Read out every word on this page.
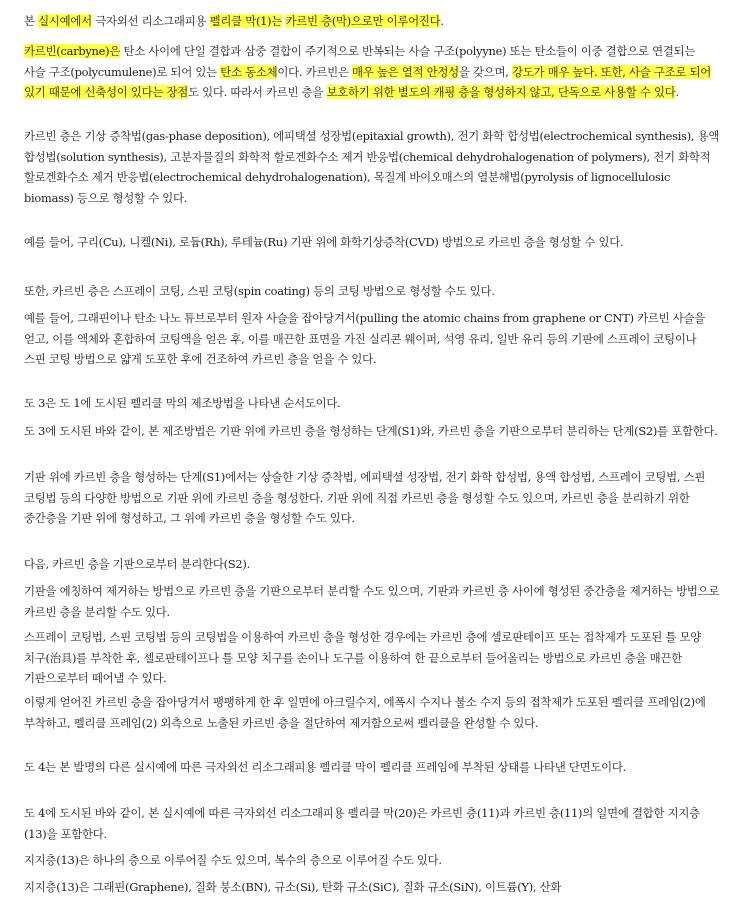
본 실시예에서 극자외선 리소그래피용 펠리클 막(1)는 카르빈 층(막)으로만 이루어진다.

카르빈(carbyne)은 탄소 사이에 단일 결합과 삼중 결합이 주기적으로 반복되는 사슬 구조(polyyne) 또는 탄소들이 이중 결합으로 연결되는 사슬 구조(polycumulene)로 되어 있는 탄소 동소체이다. 카르빈은 매우 높은 열적 안정성을 갖으며, 강도가 매우 높다. 또한, 사슬 구조로 되어 있기 때문에 신축성이 있다는 장점도 있다. 따라서 카르빈 층을 보호하기 위한 별도의 캐핑 층을 형성하지 않고, 단독으로 사용할 수 있다.

카르빈 층은 기상 증착법(gas-phase deposition), 에피택셜 성장법(epitaxial growth), 전기 화학 합성법(electrochemical synthesis), 용액 합성법(solution synthesis), 고분자물질의 화학적 할로겐화수소 제거 반응법(chemical dehydrohalogenation of polymers), 전기 화학적 할로겐화수소 제거 반응법(electrochemical dehydrohalogenation), 목질계 바이오매스의 열분해법(pyrolysis of lignocellulosic biomass) 등으로 형성할 수 있다.

예를 들어, 구리(Cu), 니켈(Ni), 로듐(Rh), 루테늄(Ru) 기판 위에 화학기상증착(CVD) 방법으로 카르빈 층을 형성할 수 있다.

또한, 카르빈 층은 스프레이 코팅, 스핀 코팅(spin coating) 등의 코팅 방법으로 형성할 수도 있다.

예를 들어, 그래핀이나 탄소 나노 튜브로부터 원자 사슬을 잡아당겨서(pulling the atomic chains from graphene or CNT) 카르빈 사슬을 얻고, 이를 액체와 혼합하여 코팅액을 얻은 후, 이를 매끈한 표면을 가진 실리콘 웨이퍼, 석영 유리, 일반 유리 등의 기판에 스프레이 코팅이나 스핀 코팅 방법으로 얇게 도포한 후에 건조하여 카르빈 층을 얻을 수 있다.

도 3은 도 1에 도시된 펠리클 막의 제조방법을 나타낸 순서도이다.

도 3에 도시된 바와 같이, 본 제조방법은 기판 위에 카르빈 층을 형성하는 단계(S1)와, 카르빈 층을 기판으로부터 분리하는 단계(S2)를 포함한다.

기판 위에 카르빈 층을 형성하는 단계(S1)에서는 상술한 기상 증착법, 에피택셜 성장법, 전기 화학 합성법, 용액 합성법, 스프레이 코팅법, 스핀 코팅법 등의 다양한 방법으로 기판 위에 카르빈 층을 형성한다. 기판 위에 직접 카르빈 층을 형성할 수도 있으며, 카르빈 층을 분리하기 위한 중간층을 기판 위에 형성하고, 그 위에 카르빈 층을 형성할 수도 있다.

다음, 카르빈 층을 기판으로부터 분리한다(S2).

기판을 에칭하여 제거하는 방법으로 카르빈 층을 기판으로부터 분리할 수도 있으며, 기판과 카르빈 층 사이에 형성된 중간층을 제거하는 방법으로 카르빈 층을 분리할 수도 있다.

스프레이 코팅법, 스핀 코팅법 등의 코팅법을 이용하여 카르빈 층을 형성한 경우에는 카르빈 층에 셀로판테이프 또는 접착제가 도포된 틀 모양 치구(治具)를 부착한 후, 셀로판테이프나 틀 모양 치구를 손이나 도구를 이용하여 한 끝으로부터 들어올리는 방법으로 카르빈 층을 매끈한 기판으로부터 떼어낼 수 있다.

이렇게 얻어진 카르빈 층을 잡아당겨서 팽팽하게 한 후 일면에 아크릴수지, 에폭시 수지나 불소 수지 등의 접착제가 도포된 펠리클 프레임(2)에 부착하고, 펠리클 프레임(2) 외측으로 노출된 카르빈 층을 절단하여 제거함으로써 펠리클을 완성할 수 있다.

도 4는 본 발명의 다른 실시예에 따른 극자외선 리소그래피용 펠리클 막이 펠리클 프레임에 부착된 상태를 나타낸 단면도이다.

도 4에 도시된 바와 같이, 본 실시예에 따른 극자외선 리소그래피용 펠리클 막(20)은 카르빈 층(11)과 카르빈 층(11)의 일면에 결합한 지지층(13)을 포함한다.

지지층(13)은 하나의 층으로 이루어질 수도 있으며, 복수의 층으로 이루어질 수도 있다.

지지층(13)은 그래핀(Graphene), 질화 붕소(BN), 규소(Si), 탄화 규소(SiC), 질화 규소(SiN), 이트륨(Y), 산화
